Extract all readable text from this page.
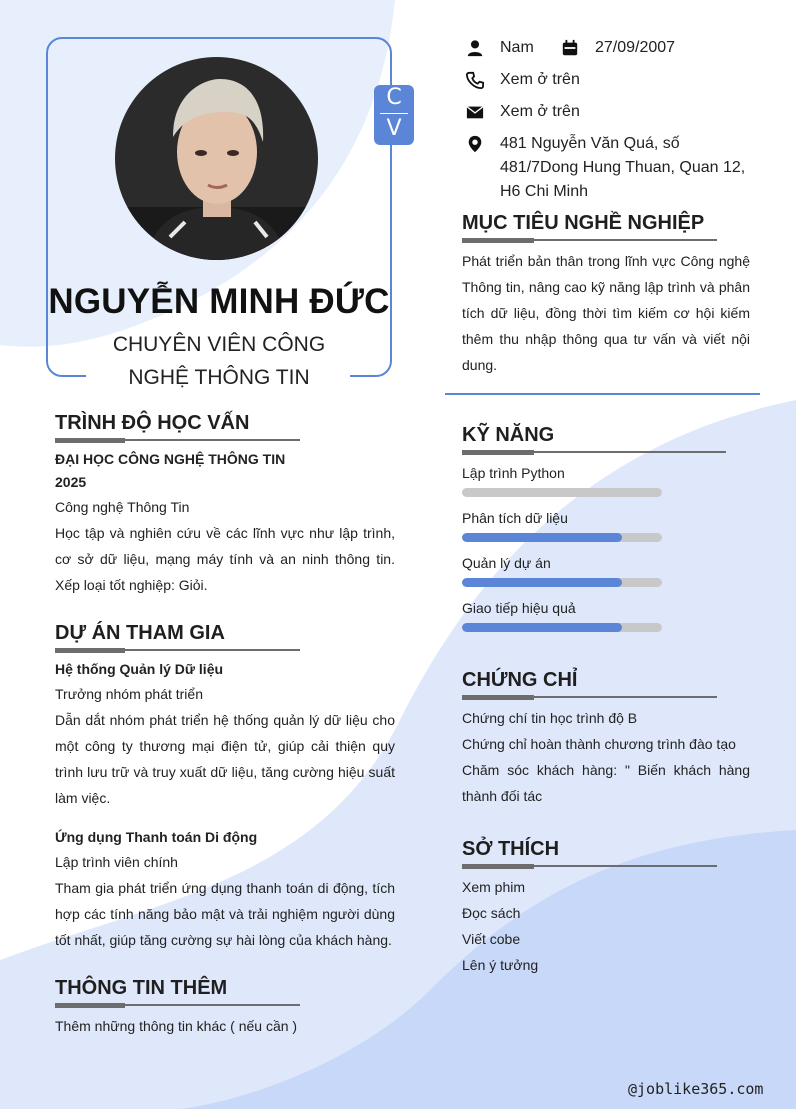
C
V
NGUYỄN MINH ĐỨC
CHUYÊN VIÊN CÔNG
NGHỆ THÔNG TIN
Nam	27/09/2007
Xem ở trên
Xem ở trên
481 Nguyễn Văn Quá, số 481/7Dong Hung Thuan, Quan 12, H6 Chi Minh
MỤC TIÊU NGHỀ NGHIỆP
Phát triển bản thân trong lĩnh vực Công nghệ Thông tin, nâng cao kỹ năng lập trình và phân tích dữ liệu, đồng thời tìm kiếm cơ hội kiếm thêm thu nhập thông qua tư vấn và viết nội dung.
TRÌNH ĐỘ HỌC VẤN
ĐẠI HỌC CÔNG NGHỆ THÔNG TIN
2025
Công nghệ Thông Tin
Học tập và nghiên cứu về các lĩnh vực như lập trình, cơ sở dữ liệu, mạng máy tính và an ninh thông tin. Xếp loại tốt nghiệp: Giỏi.
DỰ ÁN THAM GIA
Hệ thống Quản lý Dữ liệu
Trưởng nhóm phát triển
Dẫn dắt nhóm phát triển hệ thống quản lý dữ liệu cho một công ty thương mại điện tử, giúp cải thiện quy trình lưu trữ và truy xuất dữ liệu, tăng cường hiệu suất làm việc.
Ứng dụng Thanh toán Di động
Lập trình viên chính
Tham gia phát triển ứng dụng thanh toán di động, tích hợp các tính năng bảo mật và trải nghiệm người dùng tốt nhất, giúp tăng cường sự hài lòng của khách hàng.
THÔNG TIN THÊM
Thêm những thông tin khác ( nếu cần )
KỸ NĂNG
Lập trình Python
Phân tích dữ liệu
Quản lý dự án
Giao tiếp hiệu quả
CHỨNG CHỈ
Chứng chí tin học trình độ B
Chứng chỉ hoàn thành chương trình đào tạo
Chăm sóc khách hàng: " Biến khách hàng thành đối tác
SỞ THÍCH
Xem phim
Đọc sách
Viết cobe
Lên ý tưởng
@joblike365.com
